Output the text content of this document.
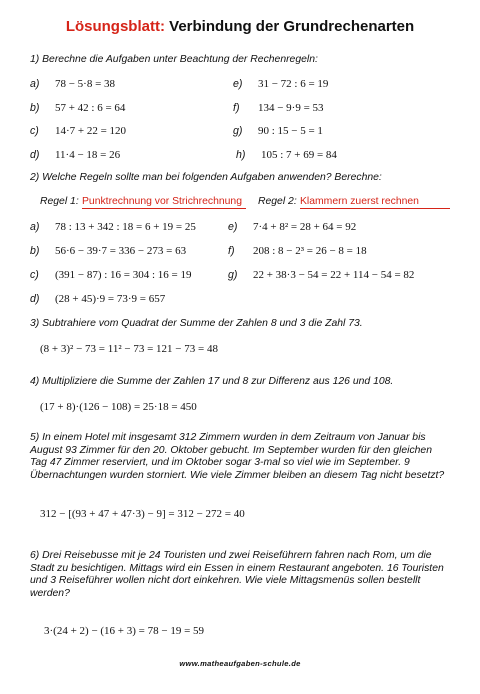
Lösungsblatt: Verbindung der Grundrechenarten
1) Berechne die Aufgaben unter Beachtung der Rechenregeln:
a) 78 − 5·8 = 38	e) 31 − 72 : 6 = 19
b) 57 + 42 : 6 = 64	f) 134 − 9·9 = 53
c) 14·7 + 22 = 120	g) 90 : 15 − 5 = 1
d) 11·4 − 18 = 26	h) 105 : 7 + 69 = 84
2) Welche Regeln sollte man bei folgenden Aufgaben anwenden? Berechne:
Regel 1: Punktrechnung vor Strichrechnung	Regel 2: Klammern zuerst rechnen
a) 78 : 13 + 342 : 18 = 6 + 19 = 25	e) 7·4 + 8² = 28 + 64 = 92
b) 56·6 − 39·7 = 336 − 273 = 63	f) 208 : 8 − 2³ = 26 − 8 = 18
c) (391 − 87) : 16 = 304 : 16 = 19	g) 22 + 38·3 − 54 = 22 + 114 − 54 = 82
d) (28 + 45)·9 = 73·9 = 657
3) Subtrahiere vom Quadrat der Summe der Zahlen 8 und 3 die Zahl 73.
(8 + 3)² − 73 = 11² − 73 = 121 − 73 = 48
4) Multipliziere die Summe der Zahlen 17 und 8 zur Differenz aus 126 und 108.
(17 + 8)·(126 − 108) = 25·18 = 450
5) In einem Hotel mit insgesamt 312 Zimmern wurden in dem Zeitraum von Januar bis August 93 Zimmer für den 20. Oktober gebucht. Im September wurden für den gleichen Tag 47 Zimmer reserviert, und im Oktober sogar 3-mal so viel wie im September. 9 Übernachtungen wurden storniert. Wie viele Zimmer bleiben an diesem Tag nicht besetzt?
312 − [(93 + 47 + 47·3) − 9] = 312 − 272 = 40
6) Drei Reisebusse mit je 24 Touristen und zwei Reiseführern fahren nach Rom, um die Stadt zu besichtigen. Mittags wird ein Essen in einem Restaurant angeboten. 16 Touristen und 3 Reiseführer wollen nicht dort einkehren. Wie viele Mittagsmenüs sollen bestellt werden?
3·(24 + 2) − (16 + 3) = 78 − 19 = 59
www.matheaufgaben-schule.de
